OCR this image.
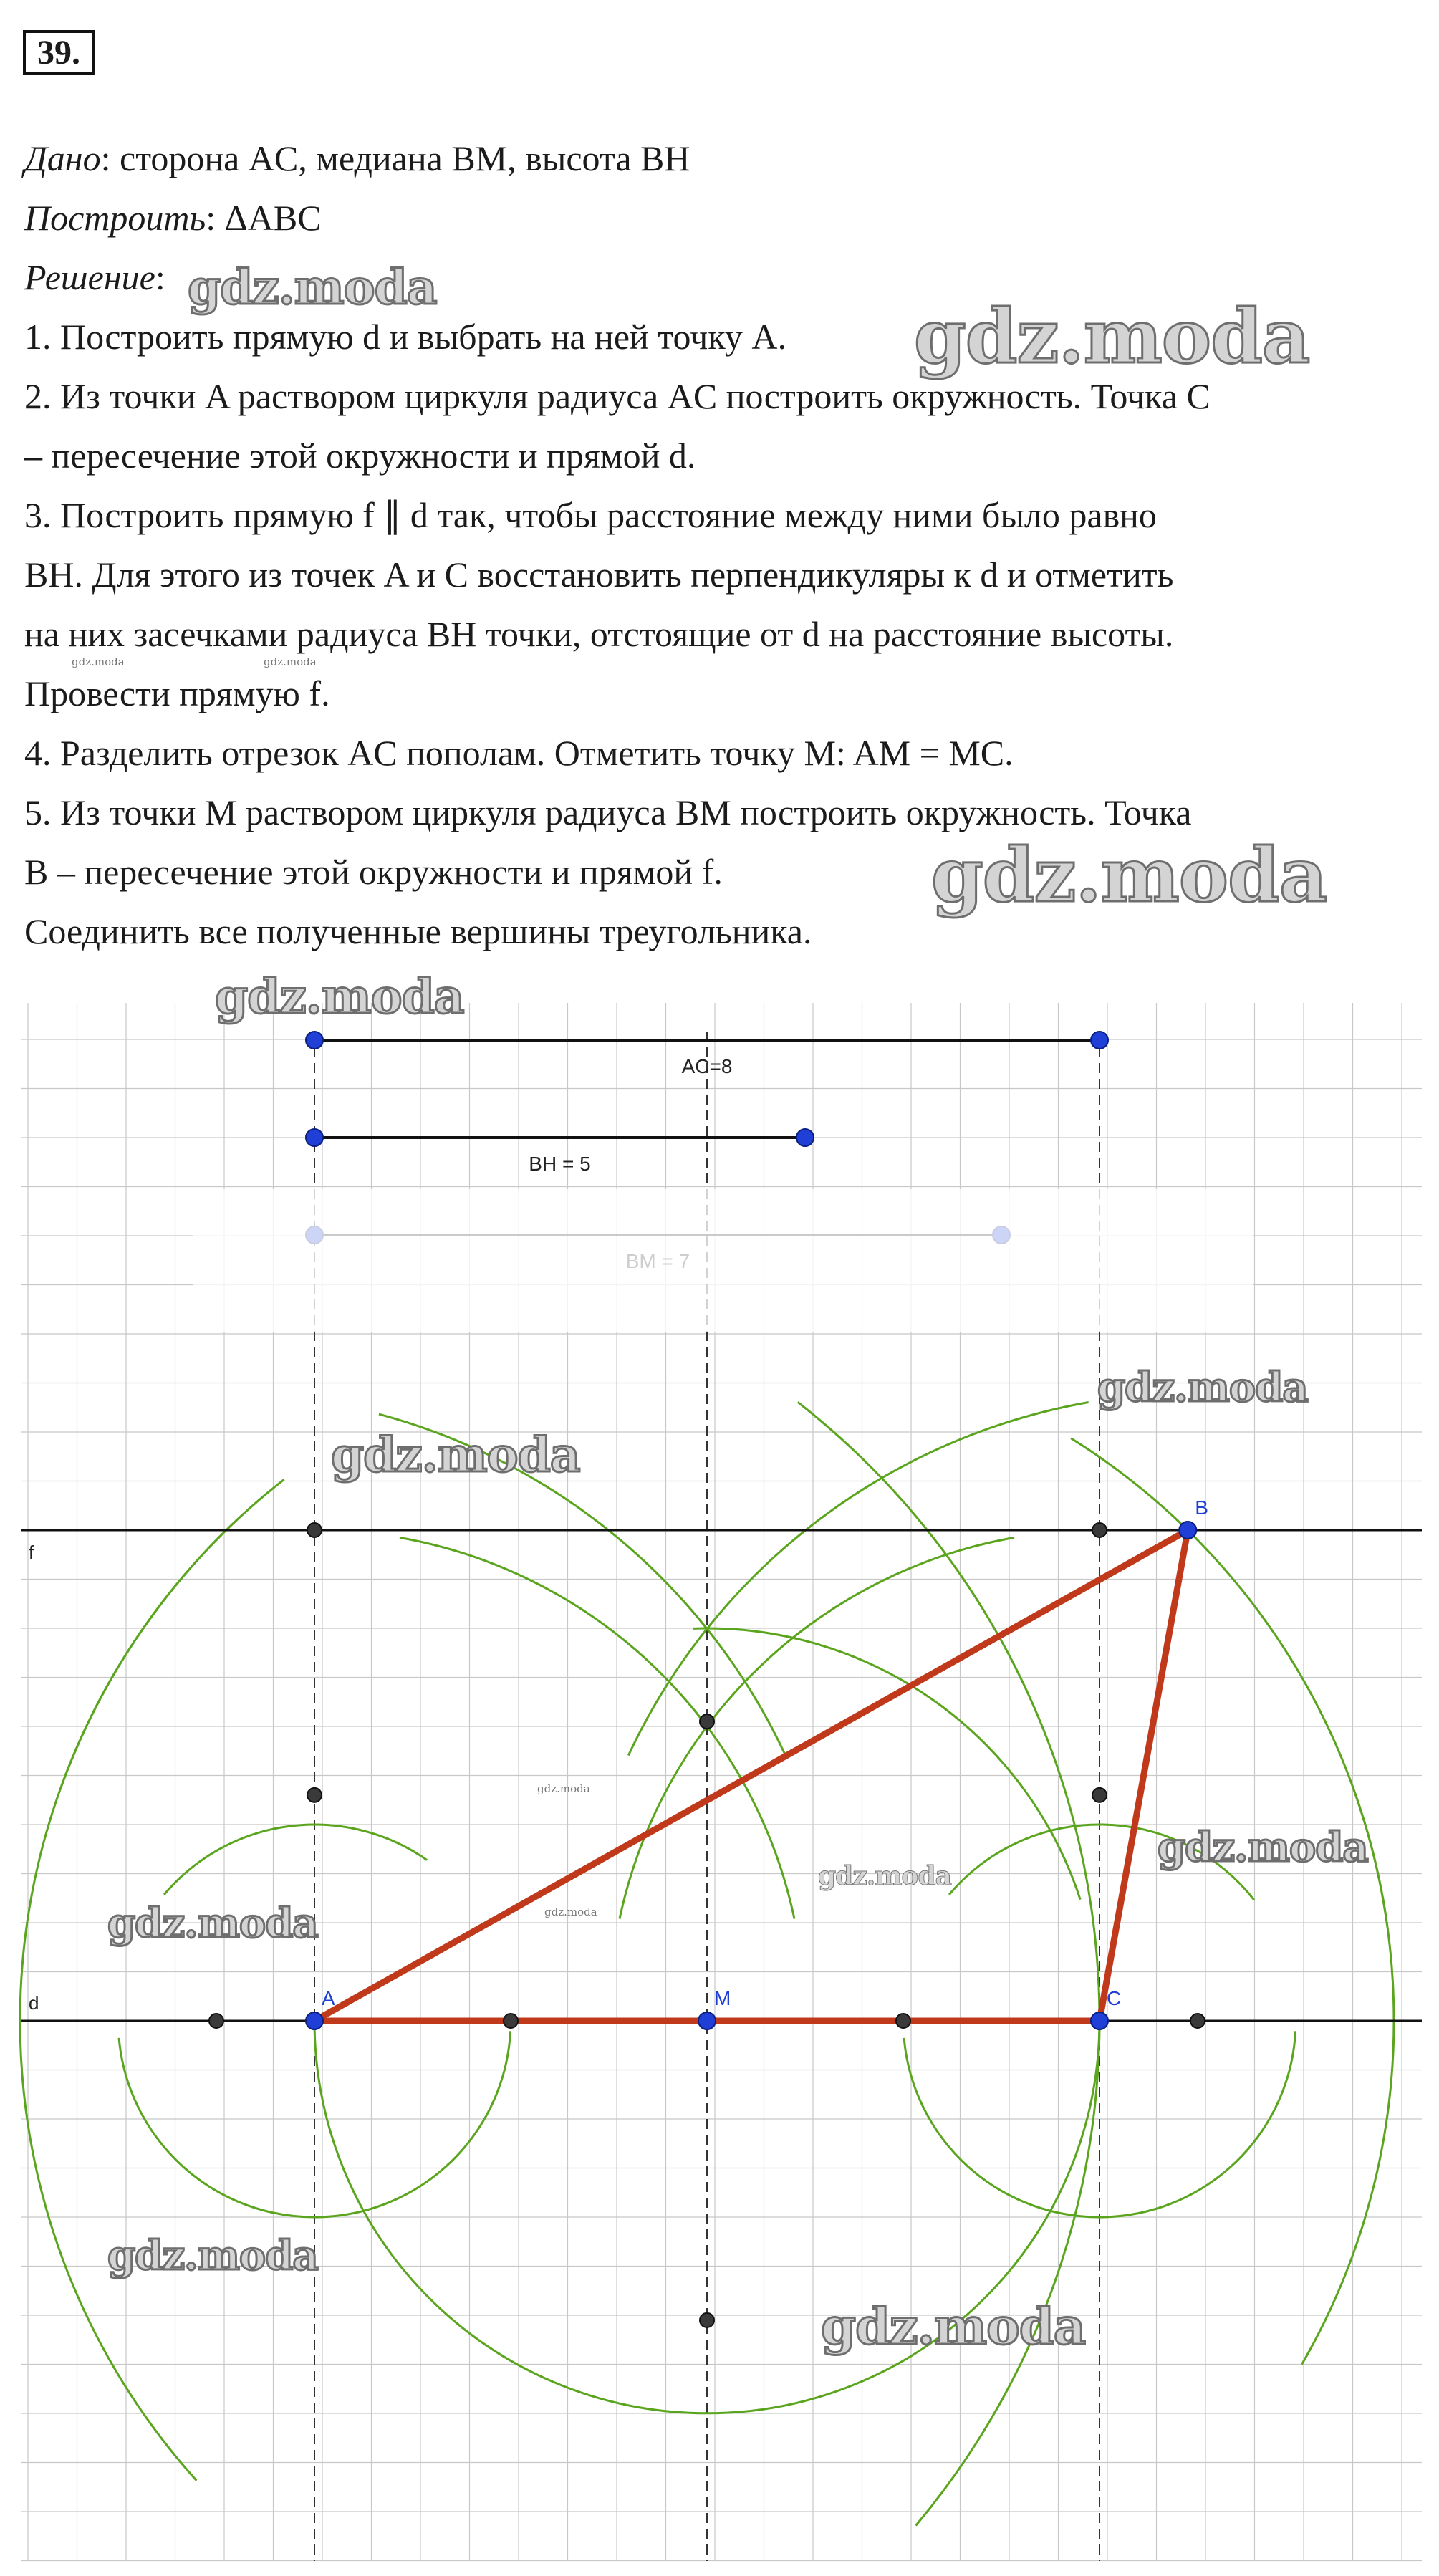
39.

Дано: сторона AC, медиана BM, высота BH

Построить: ΔABC

Решение:

1. Построить прямую d и выбрать на ней точку A.

2. Из точки A раствором циркуля радиуса AC построить окружность. Точка C

– пересечение этой окружности и прямой d.

3. Построить прямую f ∥ d так, чтобы расстояние между ними было равно

BH. Для этого из точек A и C восстановить перпендикуляры к d и отметить

на них засечками радиуса BH точки, отстоящие от d на расстояние высоты.

Провести прямую f.

4. Разделить отрезок AC пополам. Отметить точку M: AM = MC.

5. Из точки M раствором циркуля радиуса BM построить окружность. Точка

B – пересечение этой окружности и прямой f.

Соединить все полученные вершины треугольника.

gdz.moda
gdz.moda
gdz.moda
gdz.moda	gdz.moda
f
d	A	M	C
B
AC=8
BH = 5
gdz.moda
gdz.moda
gdz.moda
gdz.moda
gdz.moda
gdz.moda
gdz.moda
gdz.moda
gdz.moda
gdz.moda
